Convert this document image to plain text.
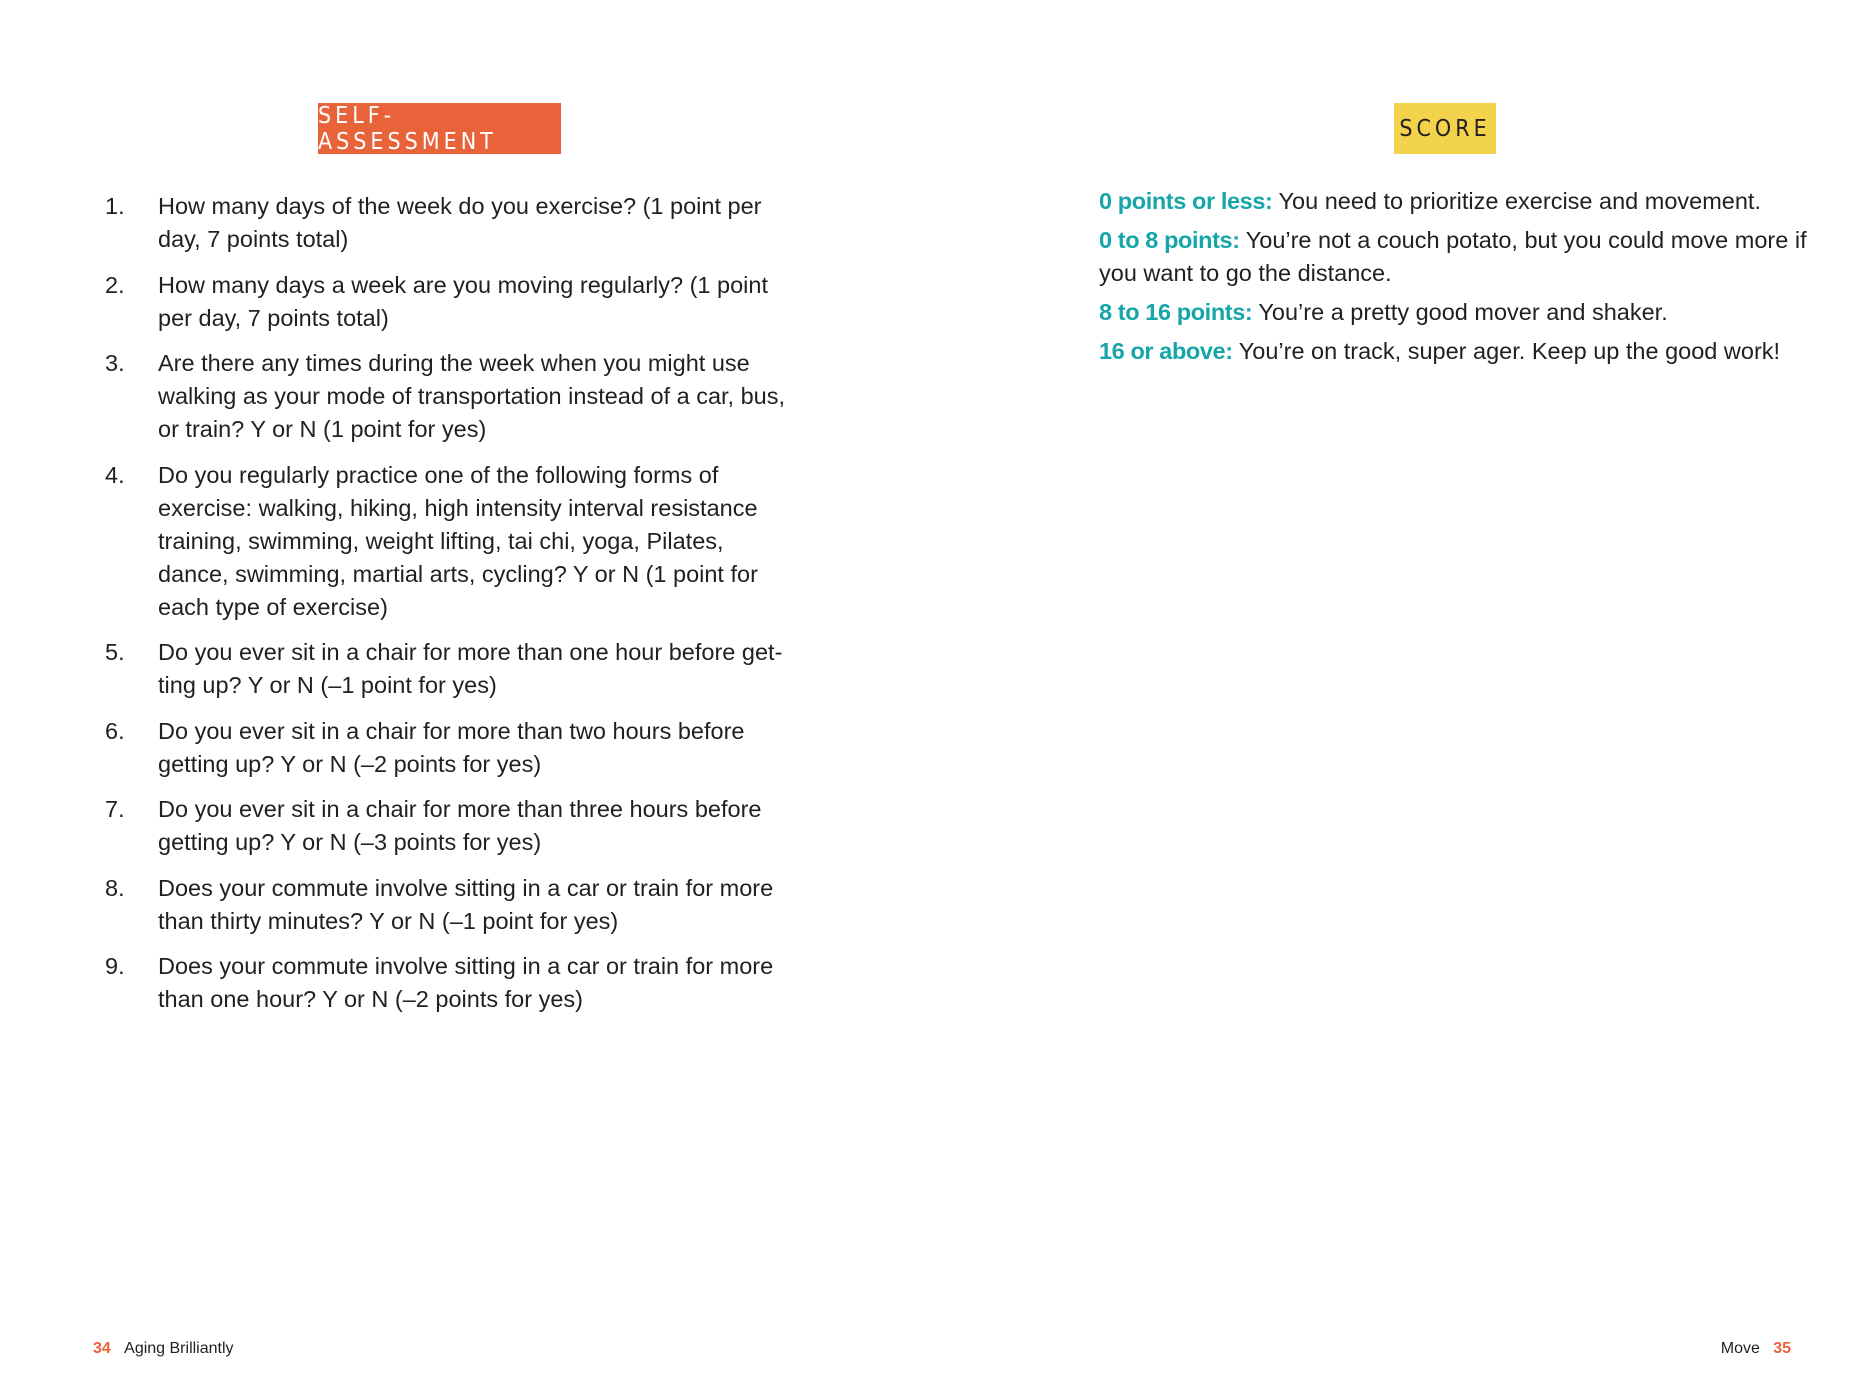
SELF-ASSESSMENT	SCORE
1.	How many days of the week do you exercise? (1 point per day, 7 points total)
2.	How many days a week are you moving regularly? (1 point per day, 7 points total)
3.	Are there any times during the week when you might use walking as your mode of transportation instead of a car, bus, or train? Y or N (1 point for yes)
4.	Do you regularly practice one of the following forms of exercise: walking, hiking, high intensity interval resistance training, swimming, weight lifting, tai chi, yoga, Pilates, dance, swimming, martial arts, cycling? Y or N (1 point for each type of exercise)
5.	Do you ever sit in a chair for more than one hour before get-ting up? Y or N (–1 point for yes)
6.	Do you ever sit in a chair for more than two hours before getting up? Y or N (–2 points for yes)
7.	Do you ever sit in a chair for more than three hours before getting up? Y or N (–3 points for yes)
8.	Does your commute involve sitting in a car or train for more than thirty minutes? Y or N (–1 point for yes)
9.	Does your commute involve sitting in a car or train for more than one hour? Y or N (–2 points for yes)
0 points or less: You need to prioritize exercise and movement.
0 to 8 points: You’re not a couch potato, but you could move more if you want to go the distance.
8 to 16 points: You’re a pretty good mover and shaker.
16 or above: You’re on track, super ager. Keep up the good work!
34 Aging Brilliantly	Move 35
